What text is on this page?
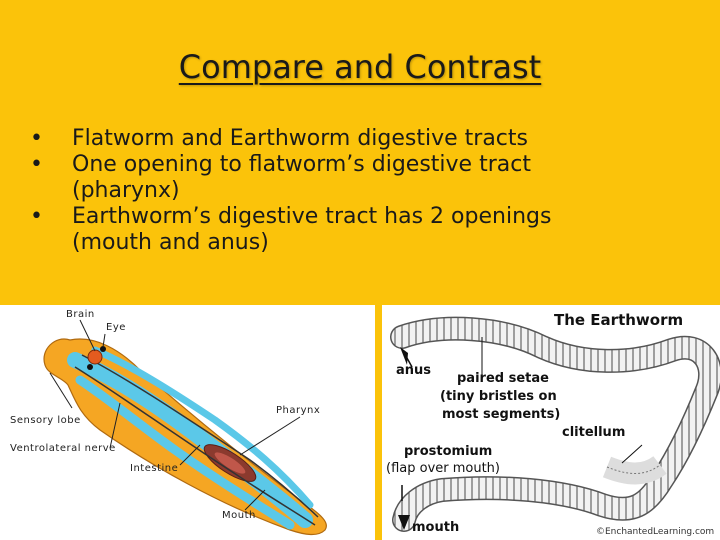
Compare and Contrast
• Flatworm and Earthworm digestive tracts
• One opening to flatworm’s digestive tract
(pharynx)
• Earthworm’s digestive tract has 2 openings
(mouth and anus)
Brain
Eye
Sensory lobe
Ventrolateral nerve
Pharynx
Intestine
Mouth
The Earthworm
anus
paired setae
(tiny bristles on
most segments)
clitellum
prostomium
(flap over mouth)
mouth	©EnchantedLearning.com
